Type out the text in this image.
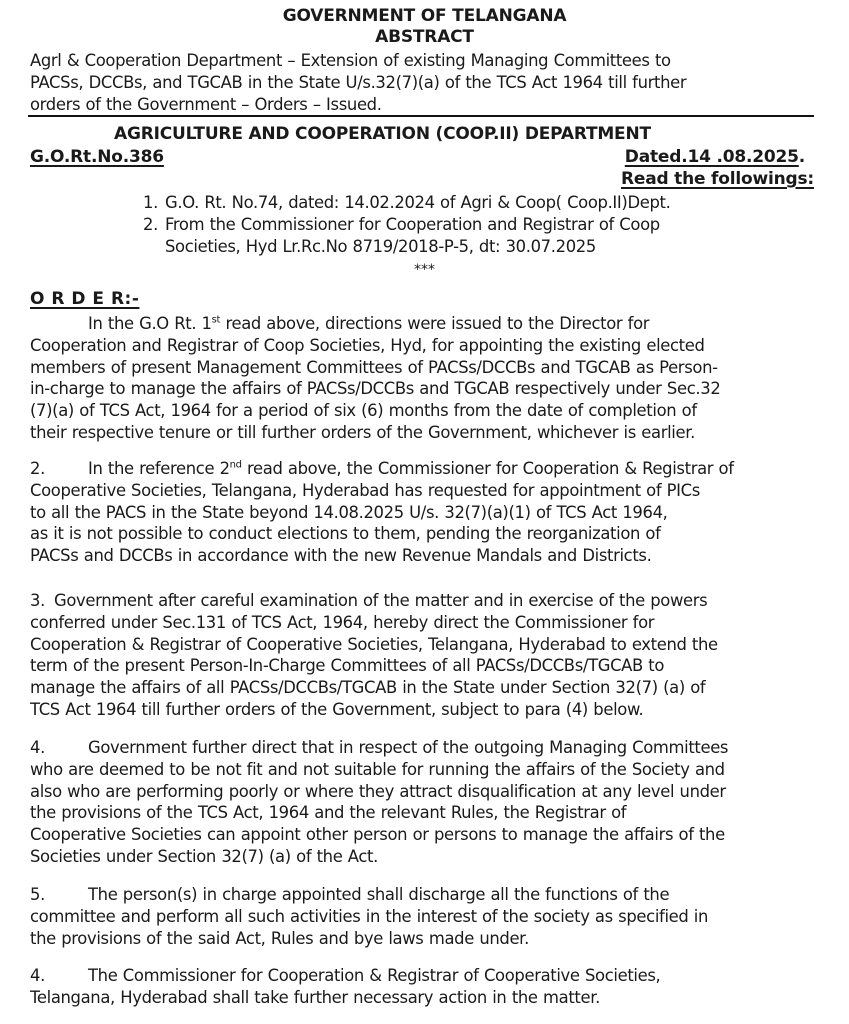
GOVERNMENT OF TELANGANA
ABSTRACT
Agrl & Cooperation Department – Extension of existing Managing Committees to
PACSs, DCCBs, and TGCAB in the State U/s.32(7)(a) of the TCS Act 1964 till further
orders of the Government – Orders – Issued.
AGRICULTURE AND COOPERATION (COOP.II) DEPARTMENT
G.O.Rt.No.386	Dated.14 .08.2025.
Read the followings:
1. G.O. Rt. No.74, dated: 14.02.2024 of Agri & Coop( Coop.II)Dept.
2. From the Commissioner for Cooperation and Registrar of Coop
Societies, Hyd Lr.Rc.No 8719/2018-P-5, dt: 30.07.2025
***
O R D E R:-
In the G.O Rt. 1st read above, directions were issued to the Director for
Cooperation and Registrar of Coop Societies, Hyd, for appointing the existing elected
members of present Management Committees of PACSs/DCCBs and TGCAB as Person-
in-charge to manage the affairs of PACSs/DCCBs and TGCAB respectively under Sec.32
(7)(a) of TCS Act, 1964 for a period of six (6) months from the date of completion of
their respective tenure or till further orders of the Government, whichever is earlier.
2.	In the reference 2nd read above, the Commissioner for Cooperation & Registrar of
Cooperative Societies, Telangana, Hyderabad has requested for appointment of PICs
to all the PACS in the State beyond 14.08.2025 U/s. 32(7)(a)(1) of TCS Act 1964,
as it is not possible to conduct elections to them, pending the reorganization of
PACSs and DCCBs in accordance with the new Revenue Mandals and Districts.
3. Government after careful examination of the matter and in exercise of the powers
conferred under Sec.131 of TCS Act, 1964, hereby direct the Commissioner for
Cooperation & Registrar of Cooperative Societies, Telangana, Hyderabad to extend the
term of the present Person-In-Charge Committees of all PACSs/DCCBs/TGCAB to
manage the affairs of all PACSs/DCCBs/TGCAB in the State under Section 32(7) (a) of
TCS Act 1964 till further orders of the Government, subject to para (4) below.
4.	Government further direct that in respect of the outgoing Managing Committees
who are deemed to be not fit and not suitable for running the affairs of the Society and
also who are performing poorly or where they attract disqualification at any level under
the provisions of the TCS Act, 1964 and the relevant Rules, the Registrar of
Cooperative Societies can appoint other person or persons to manage the affairs of the
Societies under Section 32(7) (a) of the Act.
5.	The person(s) in charge appointed shall discharge all the functions of the
committee and perform all such activities in the interest of the society as specified in
the provisions of the said Act, Rules and bye laws made under.
4.	The Commissioner for Cooperation & Registrar of Cooperative Societies,
Telangana, Hyderabad shall take further necessary action in the matter.
